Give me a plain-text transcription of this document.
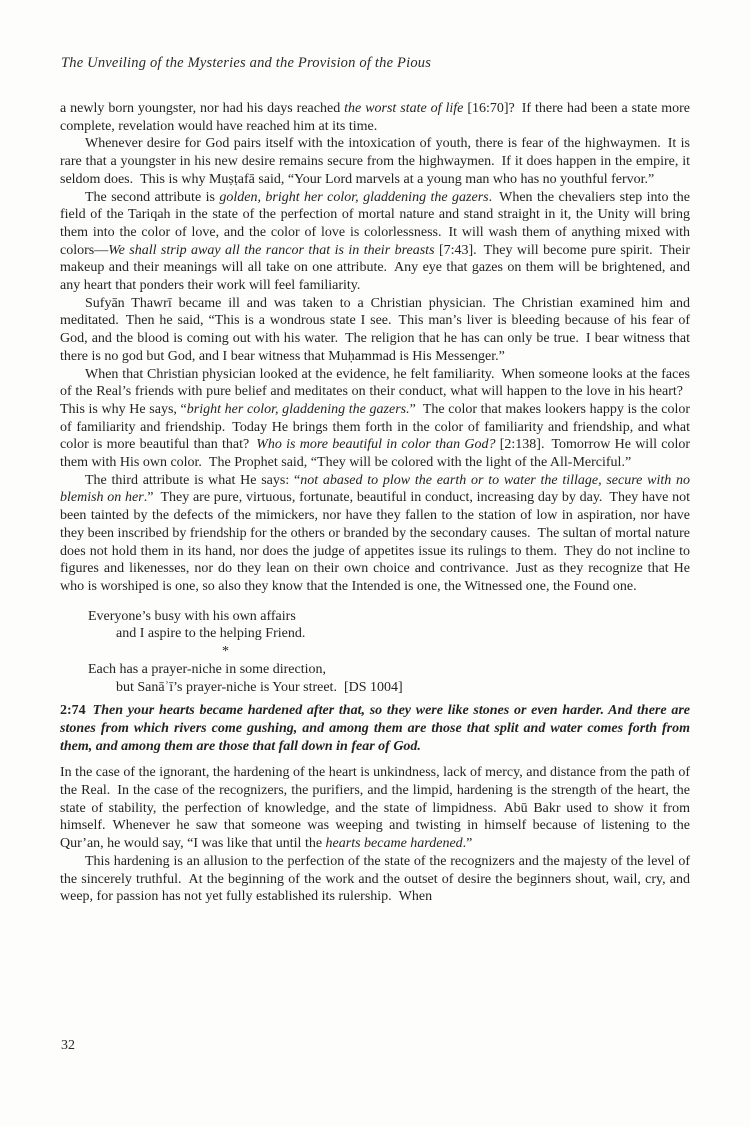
The Unveiling of the Mysteries and the Provision of the Pious

a newly born youngster, nor had his days reached the worst state of life [16:70]? If there had been a state more complete, revelation would have reached him at its time.

Whenever desire for God pairs itself with the intoxication of youth, there is fear of the highwaymen. It is rare that a youngster in his new desire remains secure from the highwaymen. If it does happen in the empire, it seldom does. This is why Muṣṭafā said, “Your Lord marvels at a young man who has no youthful fervor.”

The second attribute is golden, bright her color, gladdening the gazers. When the chevaliers step into the field of the Tariqah in the state of the perfection of mortal nature and stand straight in it, the Unity will bring them into the color of love, and the color of love is colorlessness. It will wash them of anything mixed with colors—We shall strip away all the rancor that is in their breasts [7:43]. They will become pure spirit. Their makeup and their meanings will all take on one attribute. Any eye that gazes on them will be brightened, and any heart that ponders their work will feel familiarity.

Sufyān Thawrī became ill and was taken to a Christian physician. The Christian examined him and meditated. Then he said, “This is a wondrous state I see. This man’s liver is bleeding because of his fear of God, and the blood is coming out with his water. The religion that he has can only be true. I bear witness that there is no god but God, and I bear witness that Muḥammad is His Messenger.”

When that Christian physician looked at the evidence, he felt familiarity. When someone looks at the faces of the Real’s friends with pure belief and meditates on their conduct, what will happen to the love in his heart? This is why He says, “bright her color, gladdening the gazers.” The color that makes lookers happy is the color of familiarity and friendship. Today He brings them forth in the color of familiarity and friendship, and what color is more beautiful than that? Who is more beautiful in color than God? [2:138]. Tomorrow He will color them with His own color. The Prophet said, “They will be colored with the light of the All-Merciful.”

The third attribute is what He says: “not abased to plow the earth or to water the tillage, secure with no blemish on her.” They are pure, virtuous, fortunate, beautiful in conduct, increasing day by day. They have not been tainted by the defects of the mimickers, nor have they fallen to the station of low in aspiration, nor have they been inscribed by friendship for the others or branded by the secondary causes. The sultan of mortal nature does not hold them in its hand, nor does the judge of appetites issue its rulings to them. They do not incline to figures and likenesses, nor do they lean on their own choice and contrivance. Just as they recognize that He who is worshiped is one, so also they know that the Intended is one, the Witnessed one, the Found one.

Everyone’s busy with his own affairs
and I aspire to the helping Friend.
*
Each has a prayer-niche in some direction,
but Sanāʾī’s prayer-niche is Your street. [DS 1004]

2:74  Then your hearts became hardened after that, so they were like stones or even harder. And there are stones from which rivers come gushing, and among them are those that split and water comes forth from them, and among them are those that fall down in fear of God.

In the case of the ignorant, the hardening of the heart is unkindness, lack of mercy, and distance from the path of the Real. In the case of the recognizers, the purifiers, and the limpid, hardening is the strength of the heart, the state of stability, the perfection of knowledge, and the state of limpidness. Abū Bakr used to show it from himself. Whenever he saw that someone was weeping and twisting in himself because of listening to the Qur’an, he would say, “I was like that until the hearts became hardened.”

This hardening is an allusion to the perfection of the state of the recognizers and the majesty of the level of the sincerely truthful. At the beginning of the work and the outset of desire the beginners shout, wail, cry, and weep, for passion has not yet fully established its rulership. When

32
